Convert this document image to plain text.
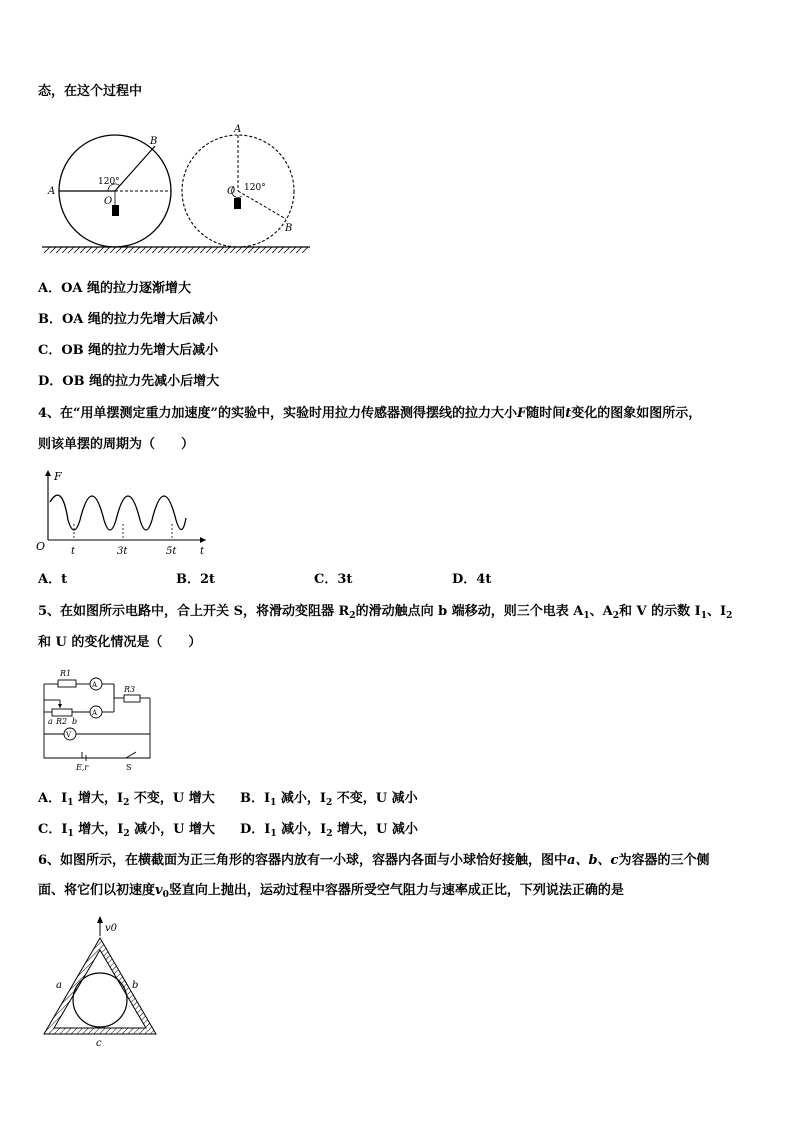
态，在这个过程中
A
B
O
120°
A
B
O 120°
A．OA 绳的拉力逐渐增大
B．OA 绳的拉力先增大后减小
C．OB 绳的拉力先增大后减小
D．OB 绳的拉力先减小后增大
4、在“用单摆测定重力加速度”的实验中，实验时用拉力传感器测得摆线的拉力大小F随时间t变化的图象如图所示，
则该单摆的周期为（　　）
F
O	t
t	3t	5t
A．t	B．2t	C．3t	D．4t
5、在如图所示电路中，合上开关 S，将滑动变阻器 $R_2$的滑动触点向 b 端移动，则三个电表 $A_1$、$A_2$和 V 的示数 $I_1$、$I_2$
和 U 的变化情况是（　　）
A
A
V
R1
R3
R2
a b
E,r	S
A．$I_1$ 增大，$I_2$ 不变，U 增大 B．$I_1$ 减小，$I_2$ 不变，U 减小
C．$I_1$ 增大，$I_2$ 减小，U 增大 D．$I_1$ 减小，$I_2$ 增大，U 减小
6、如图所示，在横截面为正三角形的容器内放有一小球，容器内各面与小球恰好接触，图中a、b、c为容器的三个侧
面、将它们以初速度$v_0$竖直向上抛出，运动过程中容器所受空气阻力与速率成正比，下列说法正确的是
v0
a	b
c
